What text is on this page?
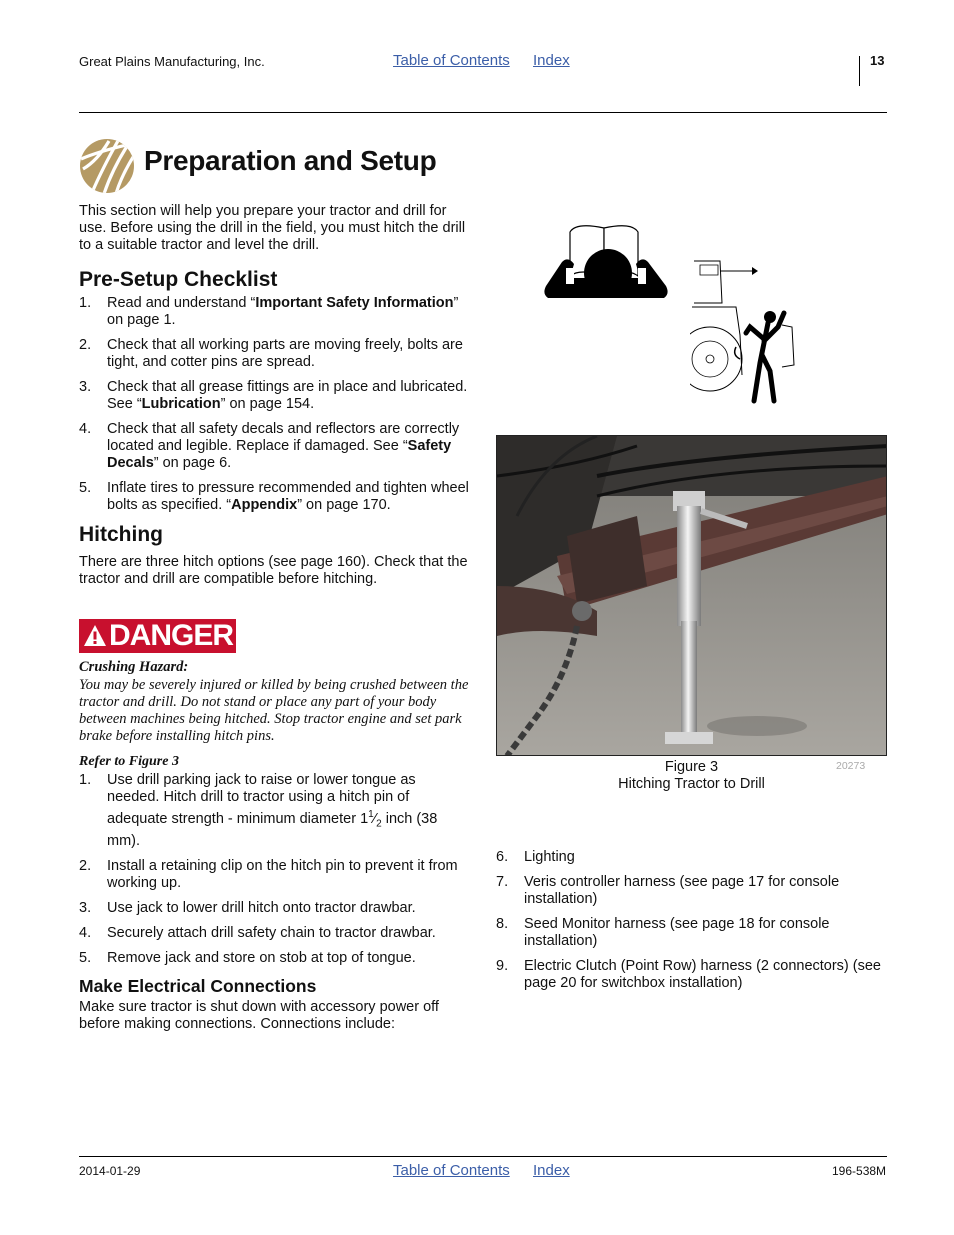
Great Plains Manufacturing, Inc.	Table of Contents Index	13
Preparation and Setup

This section will help you prepare your tractor and drill for use. Before using the drill in the field, you must hitch the drill to a suitable tractor and level the drill.

Pre-Setup Checklist
1. Read and understand “Important Safety Information” on page 1.
2. Check that all working parts are moving freely, bolts are tight, and cotter pins are spread.
3. Check that all grease fittings are in place and lubricated. See “Lubrication” on page 154.
4. Check that all safety decals and reflectors are correctly located and legible. Replace if damaged. See “Safety Decals” on page 6.
5. Inflate tires to pressure recommended and tighten wheel bolts as specified. “Appendix” on page 170.
Hitching

There are three hitch options (see page 160). Check that the tractor and drill are compatible before hitching.

DANGER
Crushing Hazard:
You may be severely injured or killed by being crushed between the tractor and drill. Do not stand or place any part of your body between machines being hitched. Stop tractor engine and set park brake before installing hitch pins.
Refer to Figure 3
1. Use drill parking jack to raise or lower tongue as needed. Hitch drill to tractor using a hitch pin of adequate strength - minimum diameter $1^1⁄_2$ inch (38 mm).
2. Install a retaining clip on the hitch pin to prevent it from working up.
3. Use jack to lower drill hitch onto tractor drawbar.
4. Securely attach drill safety chain to tractor drawbar.
5. Remove jack and store on stob at top of tongue.
Make Electrical Connections

Make sure tractor is shut down with accessory power off before making connections. Connections include:

Figure 3
Hitching Tractor to Drill
20273
6. Lighting
7. Veris controller harness (see page 17 for console installation)
8. Seed Monitor harness (see page 18 for console installation)
9. Electric Clutch (Point Row) harness (2 connectors) (see page 20 for switchbox installation)
2014-01-29	Table of Contents Index	196-538M
